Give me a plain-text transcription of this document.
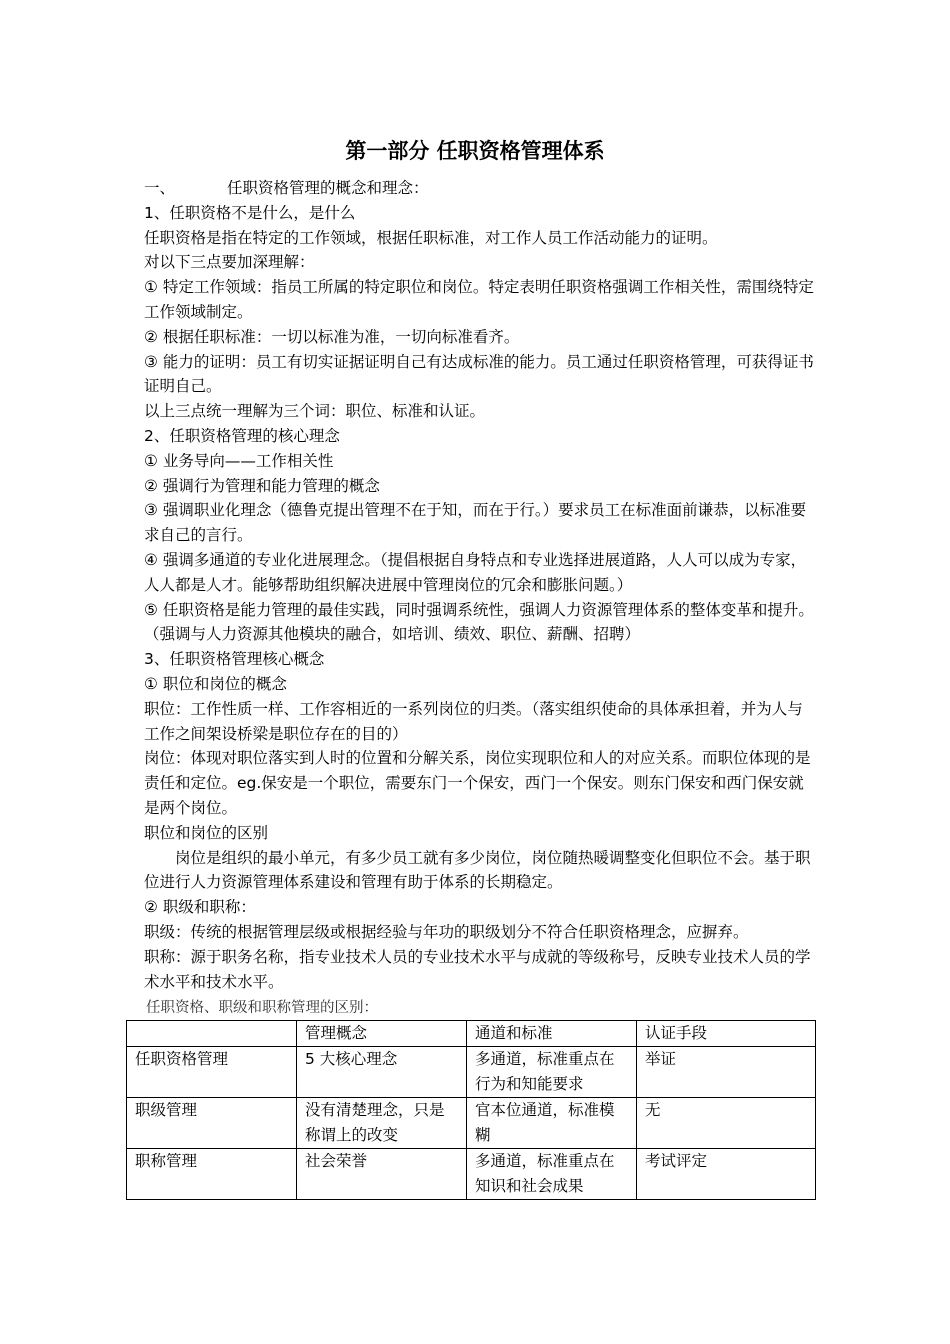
第一部分 任职资格管理体系

一、	任职资格管理的概念和理念：

1、任职资格不是什么，是什么

任职资格是指在特定的工作领域，根据任职标准，对工作人员工作活动能力的证明。

对以下三点要加深理解：

① 特定工作领域：指员工所属的特定职位和岗位。特定表明任职资格强调工作相关性，需围绕特定工作领域制定。

② 根据任职标准：一切以标准为准，一切向标准看齐。

③ 能力的证明：员工有切实证据证明自己有达成标准的能力。员工通过任职资格管理，可获得证书证明自己。

以上三点统一理解为三个词：职位、标准和认证。

2、任职资格管理的核心理念

① 业务导向——工作相关性

② 强调行为管理和能力管理的概念

③ 强调职业化理念（德鲁克提出管理不在于知，而在于行。）要求员工在标准面前谦恭，以标准要求自己的言行。

④ 强调多通道的专业化进展理念。（提倡根据自身特点和专业选择进展道路，人人可以成为专家，人人都是人才。能够帮助组织解决进展中管理岗位的冗余和膨胀问题。）

⑤ 任职资格是能力管理的最佳实践，同时强调系统性，强调人力资源管理体系的整体变革和提升。（强调与人力资源其他模块的融合，如培训、绩效、职位、薪酬、招聘）

3、任职资格管理核心概念

① 职位和岗位的概念

职位：工作性质一样、工作容相近的一系列岗位的归类。（落实组织使命的具体承担着，并为人与工作之间架设桥梁是职位存在的目的）

岗位：体现对职位落实到人时的位置和分解关系，岗位实现职位和人的对应关系。而职位体现的是责任和定位。eg.保安是一个职位，需要东门一个保安，西门一个保安。则东门保安和西门保安就是两个岗位。

职位和岗位的区别

岗位是组织的最小单元，有多少员工就有多少岗位，岗位随热暖调整变化但职位不会。基于职位进行人力资源管理体系建设和管理有助于体系的长期稳定。

② 职级和职称：

职级：传统的根据管理层级或根据经验与年功的职级划分不符合任职资格理念，应摒弃。

职称：源于职务名称，指专业技术人员的专业技术水平与成就的等级称号，反映专业技术人员的学术水平和技术水平。

任职资格、职级和职称管理的区别：
	管理概念	通道和标准	认证手段
任职资格管理	5 大核心理念	多通道，标准重点在行为和知能要求	举证
职级管理	没有清楚理念，只是称谓上的改变	官本位通道，标准模糊	无
职称管理	社会荣誉	多通道，标准重点在知识和社会成果	考试评定
